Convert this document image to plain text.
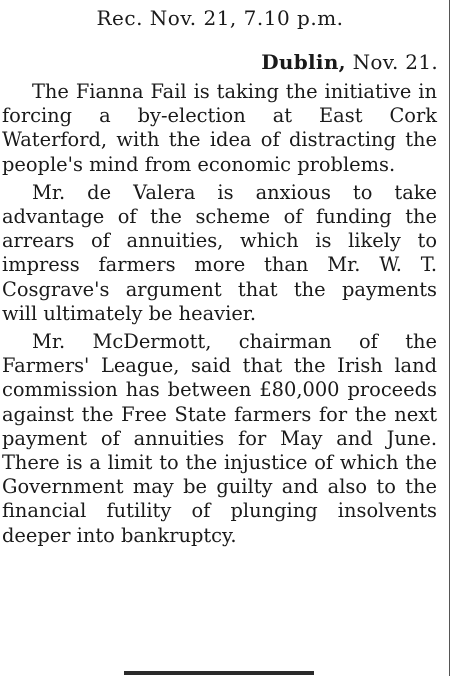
Rec. Nov. 21, 7.10 p.m.
Dublin, Nov. 21.

The Fianna Fail is taking the initiative in forcing a by-election at East Cork Waterford, with the idea of distracting the people's mind from economic problems.

Mr. de Valera is anxious to take advantage of the scheme of funding the arrears of annuities, which is likely to impress farmers more than Mr. W. T. Cosgrave's argument that the payments will ultimately be heavier.

Mr. McDermott, chairman of the Farmers' League, said that the Irish land commission has between £80,000 proceeds against the Free State farmers for the next payment of annuities for May and June. There is a limit to the injustice of which the Government may be guilty and also to the financial futility of plunging insolvents deeper into bankruptcy.
